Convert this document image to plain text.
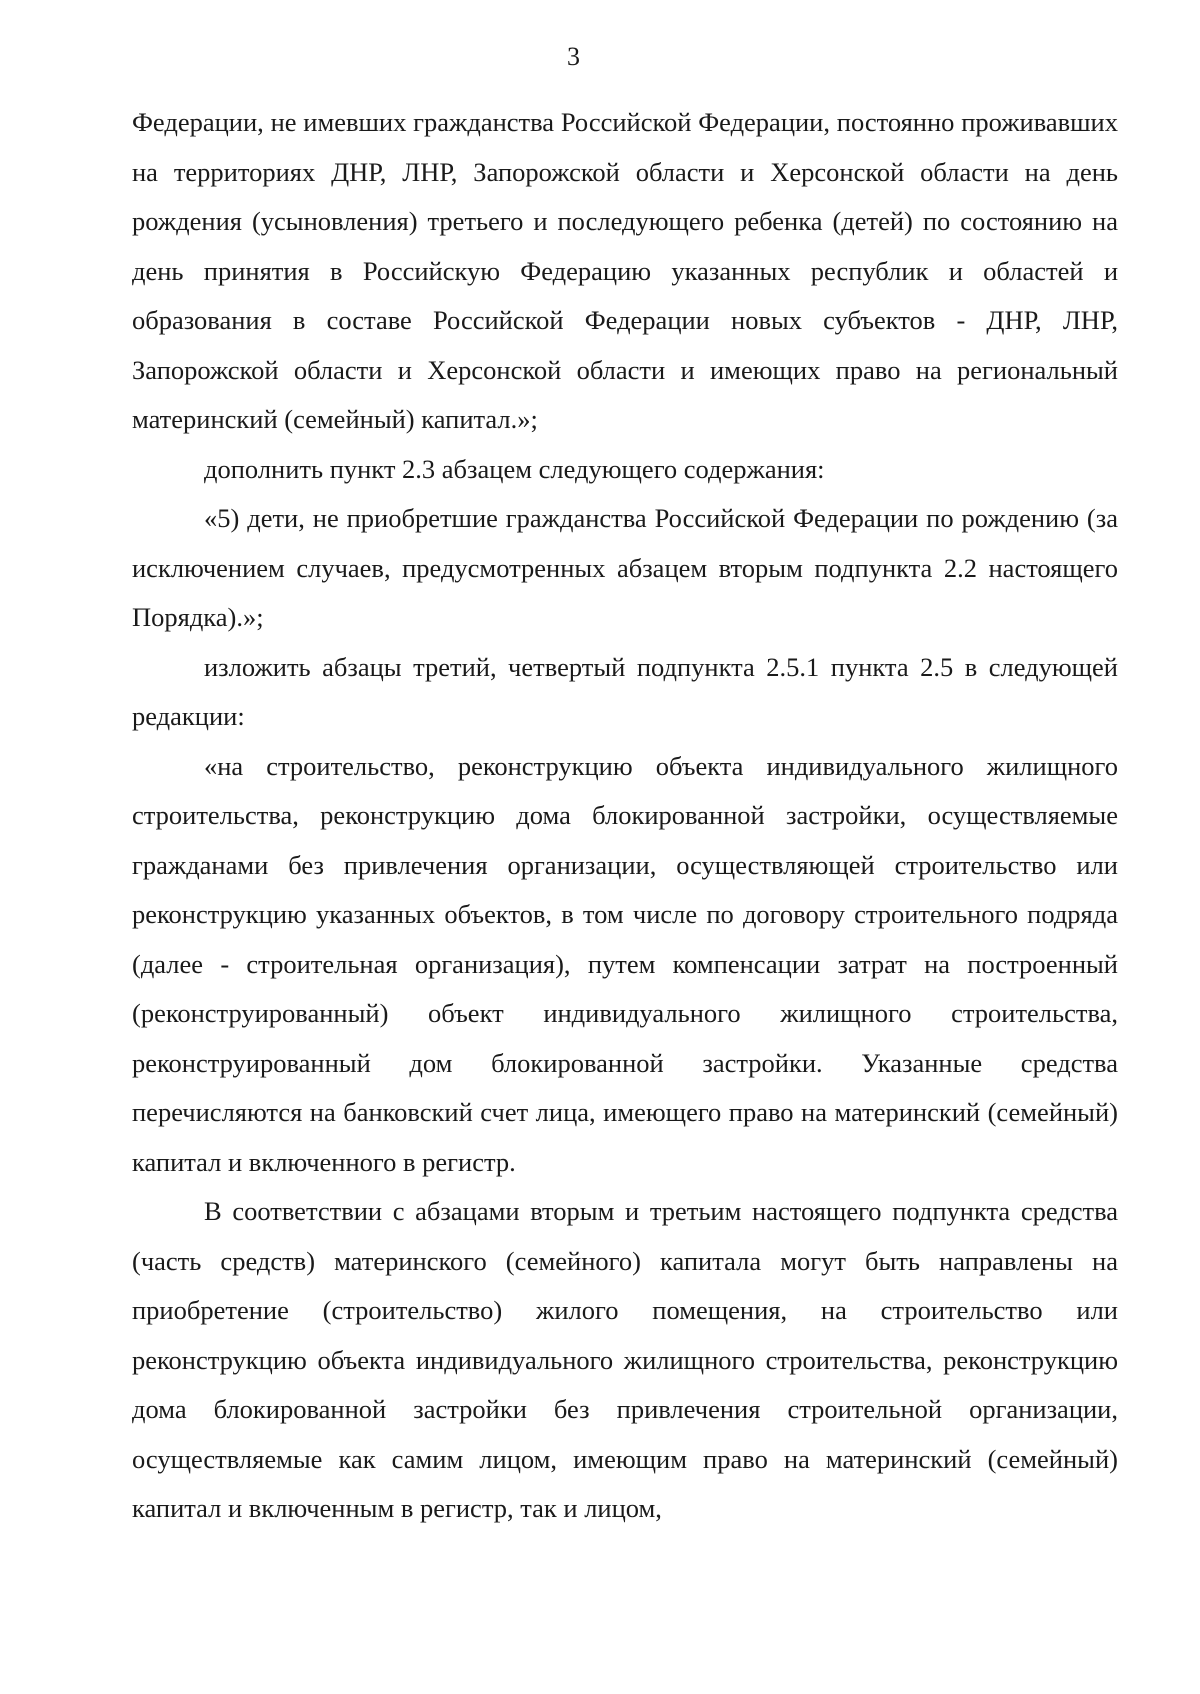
3

Федерации, не имевших гражданства Российской Федерации, постоянно проживавших на территориях ДНР, ЛНР, Запорожской области и Херсонской области на день рождения (усыновления) третьего и последующего ребенка (детей) по состоянию на день принятия в Российскую Федерацию указанных республик и областей и образования в составе Российской Федерации новых субъектов - ДНР, ЛНР, Запорожской области и Херсонской области и имеющих право на региональный материнский (семейный) капитал.»;

дополнить пункт 2.3 абзацем следующего содержания:

«5) дети, не приобретшие гражданства Российской Федерации по рождению (за исключением случаев, предусмотренных абзацем вторым подпункта 2.2 настоящего Порядка).»;

изложить абзацы третий, четвертый подпункта 2.5.1 пункта 2.5 в следующей редакции:

«на строительство, реконструкцию объекта индивидуального жилищного строительства, реконструкцию дома блокированной застройки, осуществляемые гражданами без привлечения организации, осуществляющей строительство или реконструкцию указанных объектов, в том числе по договору строительного подряда (далее - строительная организация), путем компенсации затрат на построенный (реконструированный) объект индивидуального жилищного строительства, реконструированный дом блокированной застройки. Указанные средства перечисляются на банковский счет лица, имеющего право на материнский (семейный) капитал и включенного в регистр.

В соответствии с абзацами вторым и третьим настоящего подпункта средства (часть средств) материнского (семейного) капитала могут быть направлены на приобретение (строительство) жилого помещения, на строительство или реконструкцию объекта индивидуального жилищного строительства, реконструкцию дома блокированной застройки без привлечения строительной организации, осуществляемые как самим лицом, имеющим право на материнский (семейный) капитал и включенным в регистр, так и лицом,
